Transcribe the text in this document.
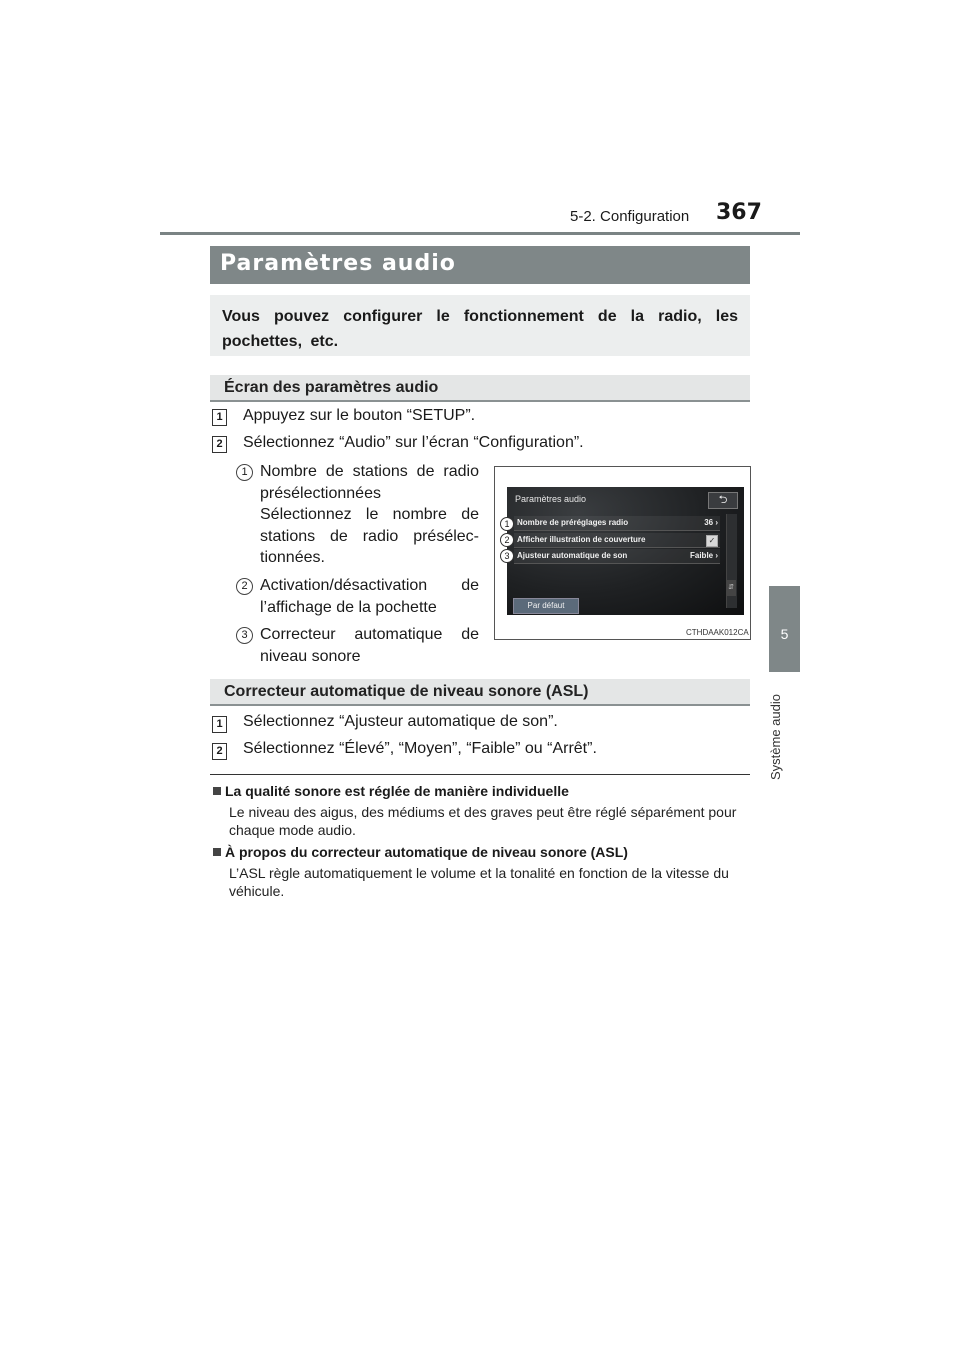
5-2. Configuration 367
5
Système audio
Paramètres audio
Vous pouvez configurer le fonctionnement de la radio, les pochettes, etc.
Écran des paramètres audio
1 Appuyez sur le bouton “SETUP”.
2 Sélectionnez “Audio” sur l’écran “Configuration”.
1 Nombre de stations de radio
présélectionnées
Sélectionnez le nombre de
stations de radio présélec-
tionnées.
2 Activation/désactivation de
l’affichage de la pochette
3 Correcteur automatique de
niveau sonore
Paramètres audio	⮌
Nombre de préréglages radio	36 ›
Afficher illustration de couverture	✓
Ajusteur automatique de son	Faible ›
⇵
Par défaut
1
2
3
CTHDAAK012CA
Correcteur automatique de niveau sonore (ASL)
1 Sélectionnez “Ajusteur automatique de son”.
2 Sélectionnez “Élevé”, “Moyen”, “Faible” ou “Arrêt”.
La qualité sonore est réglée de manière individuelle
Le niveau des aigus, des médiums et des graves peut être réglé séparément pour chaque mode audio.
À propos du correcteur automatique de niveau sonore (ASL)
L’ASL règle automatiquement le volume et la tonalité en fonction de la vitesse du véhicule.
